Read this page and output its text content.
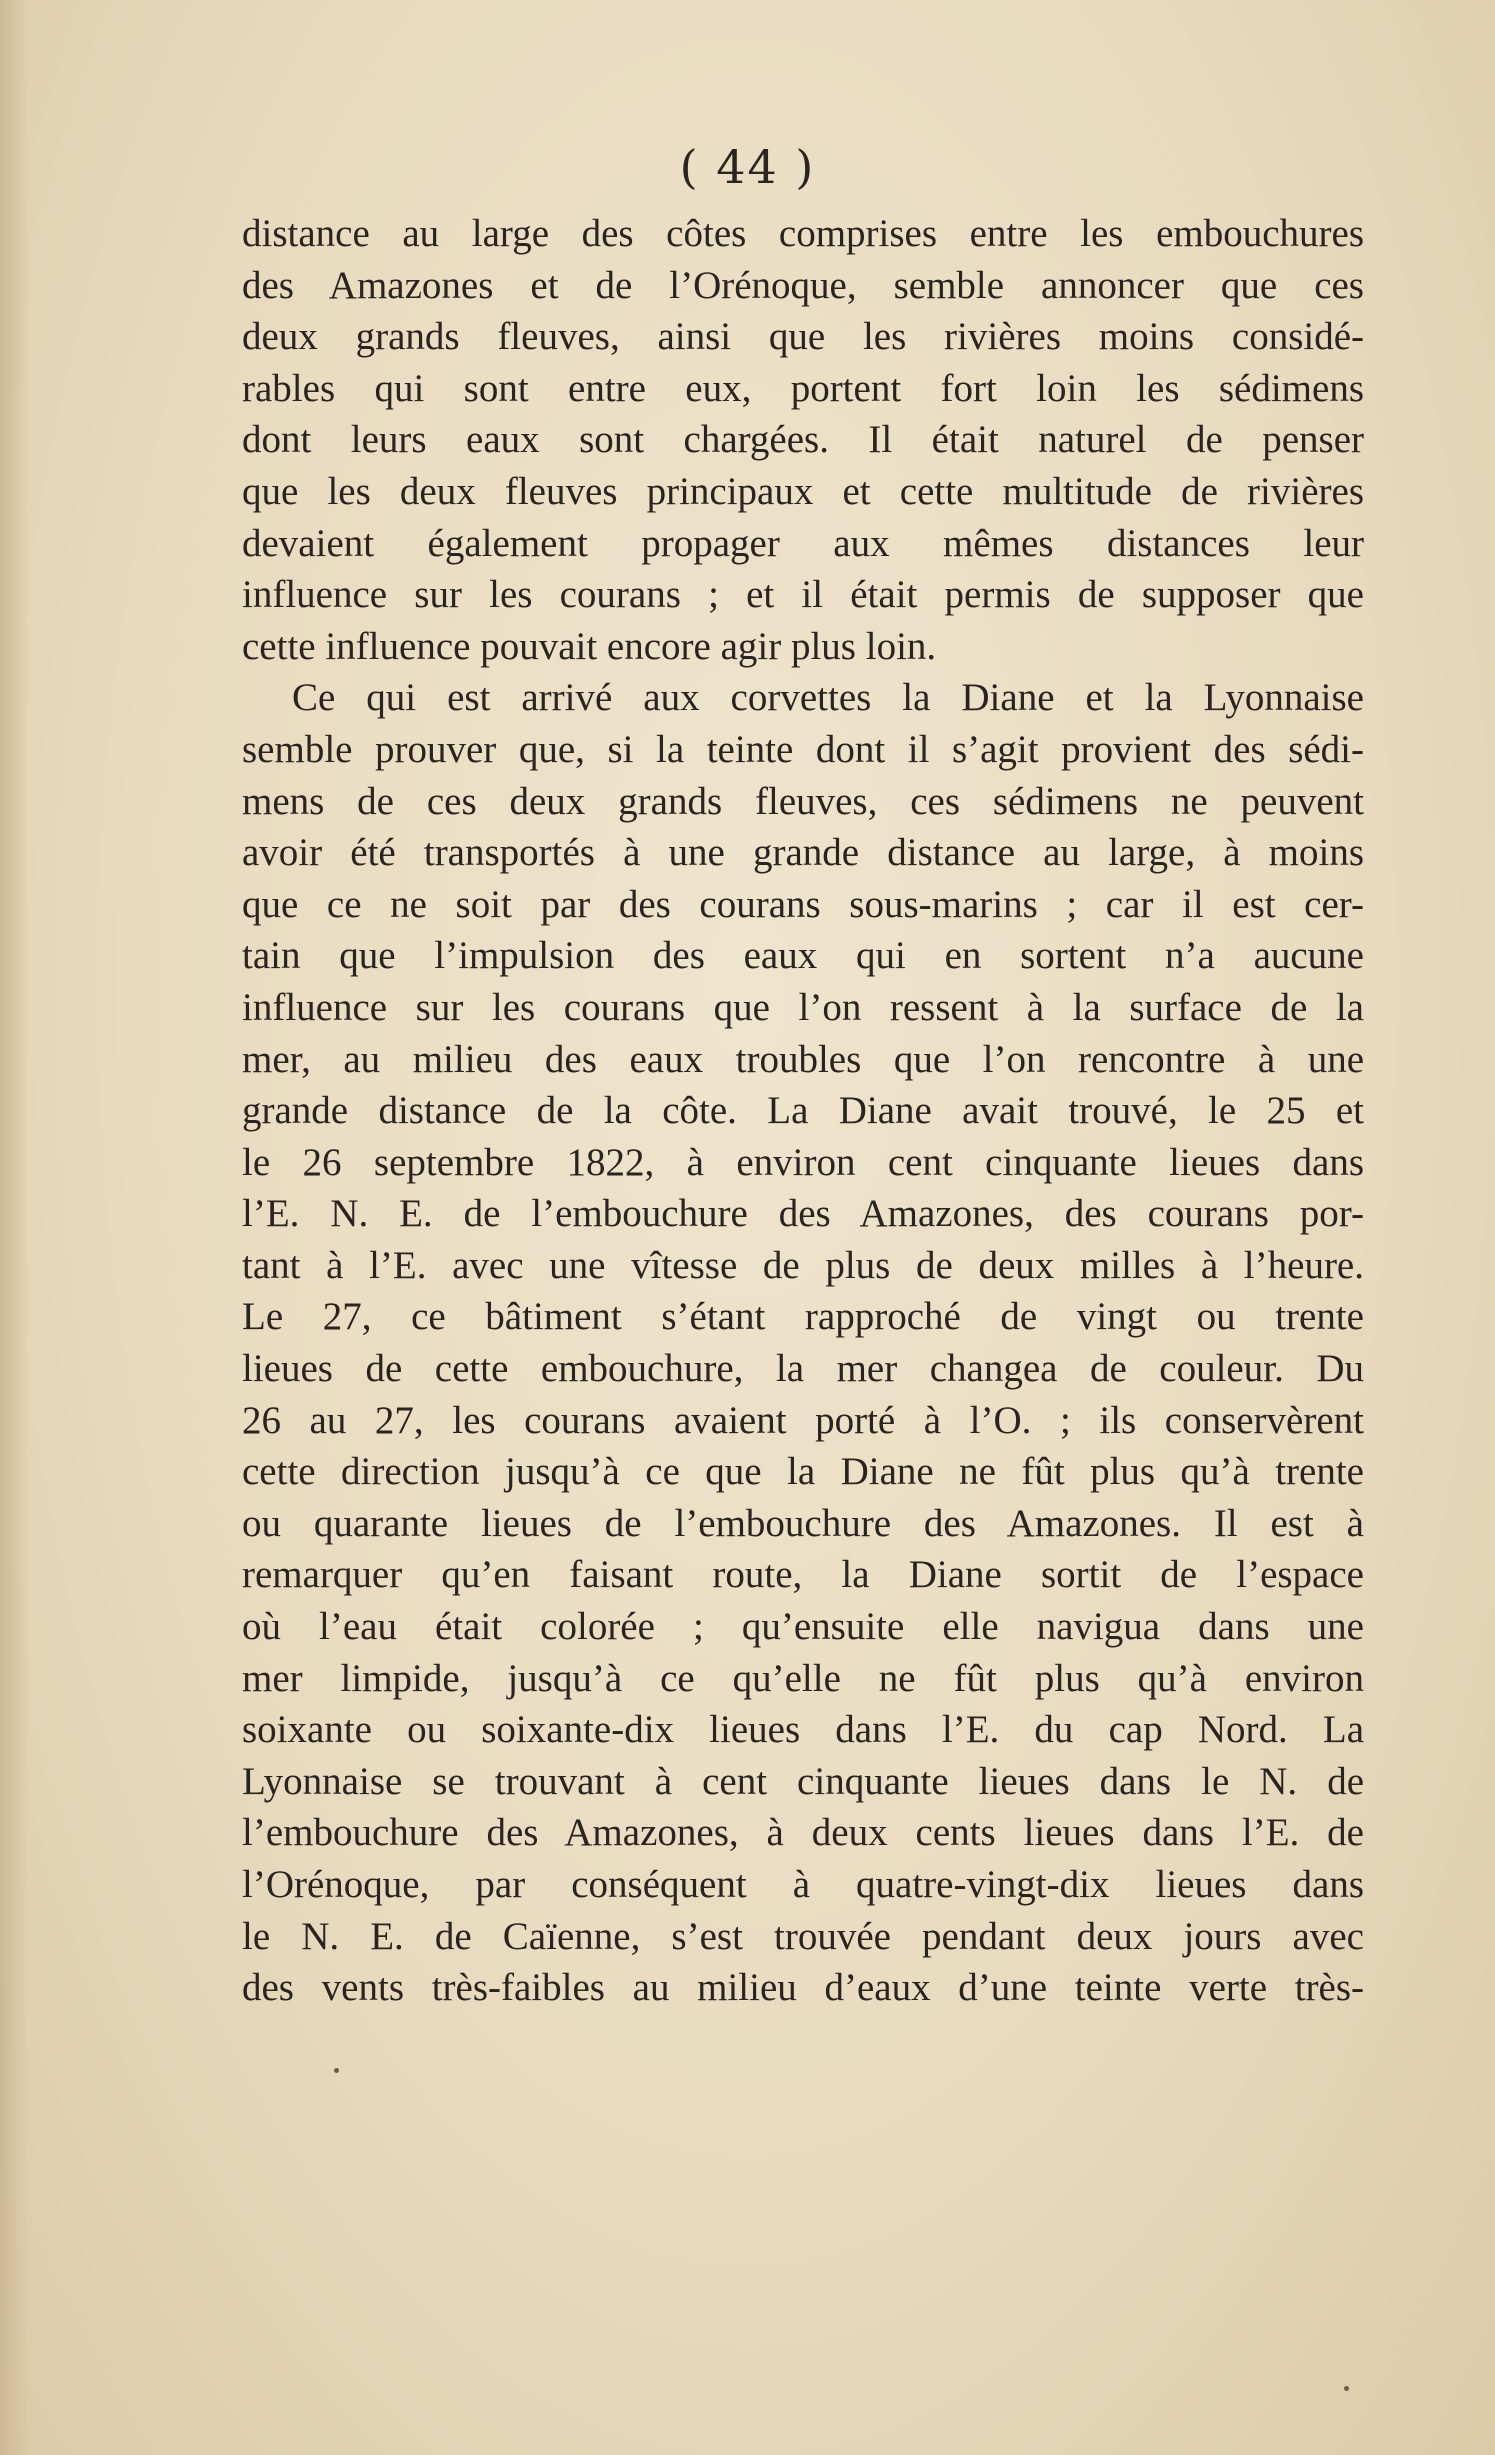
( 44 )
distance au large des côtes comprises entre les embouchures
des Amazones et de l’Orénoque, semble annoncer que ces
deux grands fleuves, ainsi que les rivières moins considé-
rables qui sont entre eux, portent fort loin les sédimens
dont leurs eaux sont chargées. Il était naturel de penser
que les deux fleuves principaux et cette multitude de rivières
devaient également propager aux mêmes distances leur
influence sur les courans ; et il était permis de supposer que
cette influence pouvait encore agir plus loin.
Ce qui est arrivé aux corvettes la Diane et la Lyonnaise
semble prouver que, si la teinte dont il s’agit provient des sédi-
mens de ces deux grands fleuves, ces sédimens ne peuvent
avoir été transportés à une grande distance au large, à moins
que ce ne soit par des courans sous-marins ; car il est cer-
tain que l’impulsion des eaux qui en sortent n’a aucune
influence sur les courans que l’on ressent à la surface de la
mer, au milieu des eaux troubles que l’on rencontre à une
grande distance de la côte. La Diane avait trouvé, le 25 et
le 26 septembre 1822, à environ cent cinquante lieues dans
l’E. N. E. de l’embouchure des Amazones, des courans por-
tant à l’E. avec une vîtesse de plus de deux milles à l’heure.
Le 27, ce bâtiment s’étant rapproché de vingt ou trente
lieues de cette embouchure, la mer changea de couleur. Du
26 au 27, les courans avaient porté à l’O. ; ils conservèrent
cette direction jusqu’à ce que la Diane ne fût plus qu’à trente
ou quarante lieues de l’embouchure des Amazones. Il est à
remarquer qu’en faisant route, la Diane sortit de l’espace
où l’eau était colorée ; qu’ensuite elle navigua dans une
mer limpide, jusqu’à ce qu’elle ne fût plus qu’à environ
soixante ou soixante-dix lieues dans l’E. du cap Nord. La
Lyonnaise se trouvant à cent cinquante lieues dans le N. de
l’embouchure des Amazones, à deux cents lieues dans l’E. de
l’Orénoque, par conséquent à quatre-vingt-dix lieues dans
le N. E. de Caïenne, s’est trouvée pendant deux jours avec
des vents très-faibles au milieu d’eaux d’une teinte verte très-
